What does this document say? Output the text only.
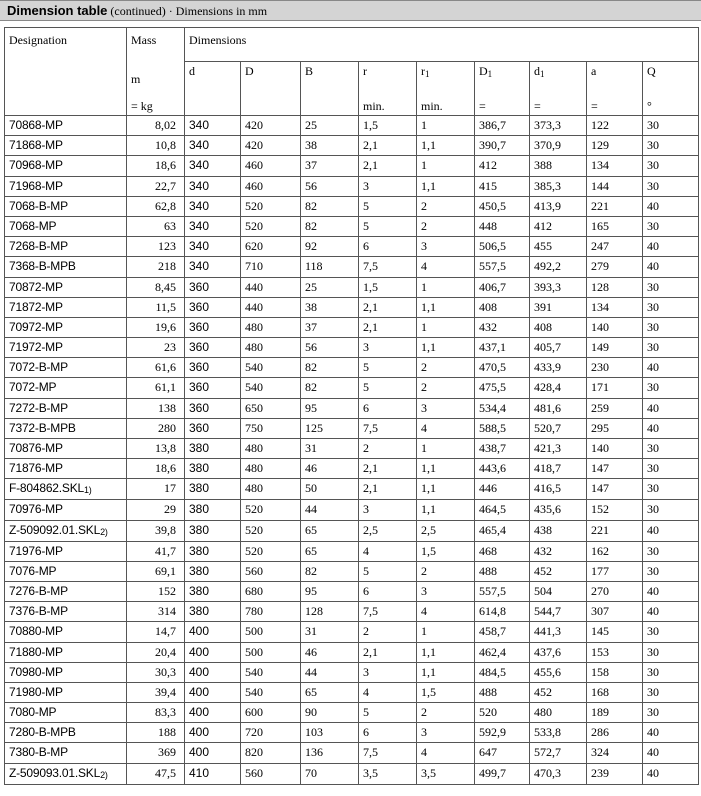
Dimension table (continued) · Dimensions in mm
Designation	Mass	Dimensions								
	m	d	D	B	r	r1	D1	d1	a	Q
	= kg				min.	min.	=	=	=	°
70868-MP	8,02	340	420	25	1,5	1	386,7	373,3	122	30
71868-MP	10,8	340	420	38	2,1	1,1	390,7	370,9	129	30
70968-MP	18,6	340	460	37	2,1	1	412	388	134	30
71968-MP	22,7	340	460	56	3	1,1	415	385,3	144	30
7068-B-MP	62,8	340	520	82	5	2	450,5	413,9	221	40
7068-MP	63	340	520	82	5	2	448	412	165	30
7268-B-MP	123	340	620	92	6	3	506,5	455	247	40
7368-B-MPB	218	340	710	118	7,5	4	557,5	492,2	279	40
70872-MP	8,45	360	440	25	1,5	1	406,7	393,3	128	30
71872-MP	11,5	360	440	38	2,1	1,1	408	391	134	30
70972-MP	19,6	360	480	37	2,1	1	432	408	140	30
71972-MP	23	360	480	56	3	1,1	437,1	405,7	149	30
7072-B-MP	61,6	360	540	82	5	2	470,5	433,9	230	40
7072-MP	61,1	360	540	82	5	2	475,5	428,4	171	30
7272-B-MP	138	360	650	95	6	3	534,4	481,6	259	40
7372-B-MPB	280	360	750	125	7,5	4	588,5	520,7	295	40
70876-MP	13,8	380	480	31	2	1	438,7	421,3	140	30
71876-MP	18,6	380	480	46	2,1	1,1	443,6	418,7	147	30
F-804862.SKL1)	17	380	480	50	2,1	1,1	446	416,5	147	30
70976-MP	29	380	520	44	3	1,1	464,5	435,6	152	30
Z-509092.01.SKL2)	39,8	380	520	65	2,5	2,5	465,4	438	221	40
71976-MP	41,7	380	520	65	4	1,5	468	432	162	30
7076-MP	69,1	380	560	82	5	2	488	452	177	30
7276-B-MP	152	380	680	95	6	3	557,5	504	270	40
7376-B-MP	314	380	780	128	7,5	4	614,8	544,7	307	40
70880-MP	14,7	400	500	31	2	1	458,7	441,3	145	30
71880-MP	20,4	400	500	46	2,1	1,1	462,4	437,6	153	30
70980-MP	30,3	400	540	44	3	1,1	484,5	455,6	158	30
71980-MP	39,4	400	540	65	4	1,5	488	452	168	30
7080-MP	83,3	400	600	90	5	2	520	480	189	30
7280-B-MPB	188	400	720	103	6	3	592,9	533,8	286	40
7380-B-MP	369	400	820	136	7,5	4	647	572,7	324	40
Z-509093.01.SKL2)	47,5	410	560	70	3,5	3,5	499,7	470,3	239	40
